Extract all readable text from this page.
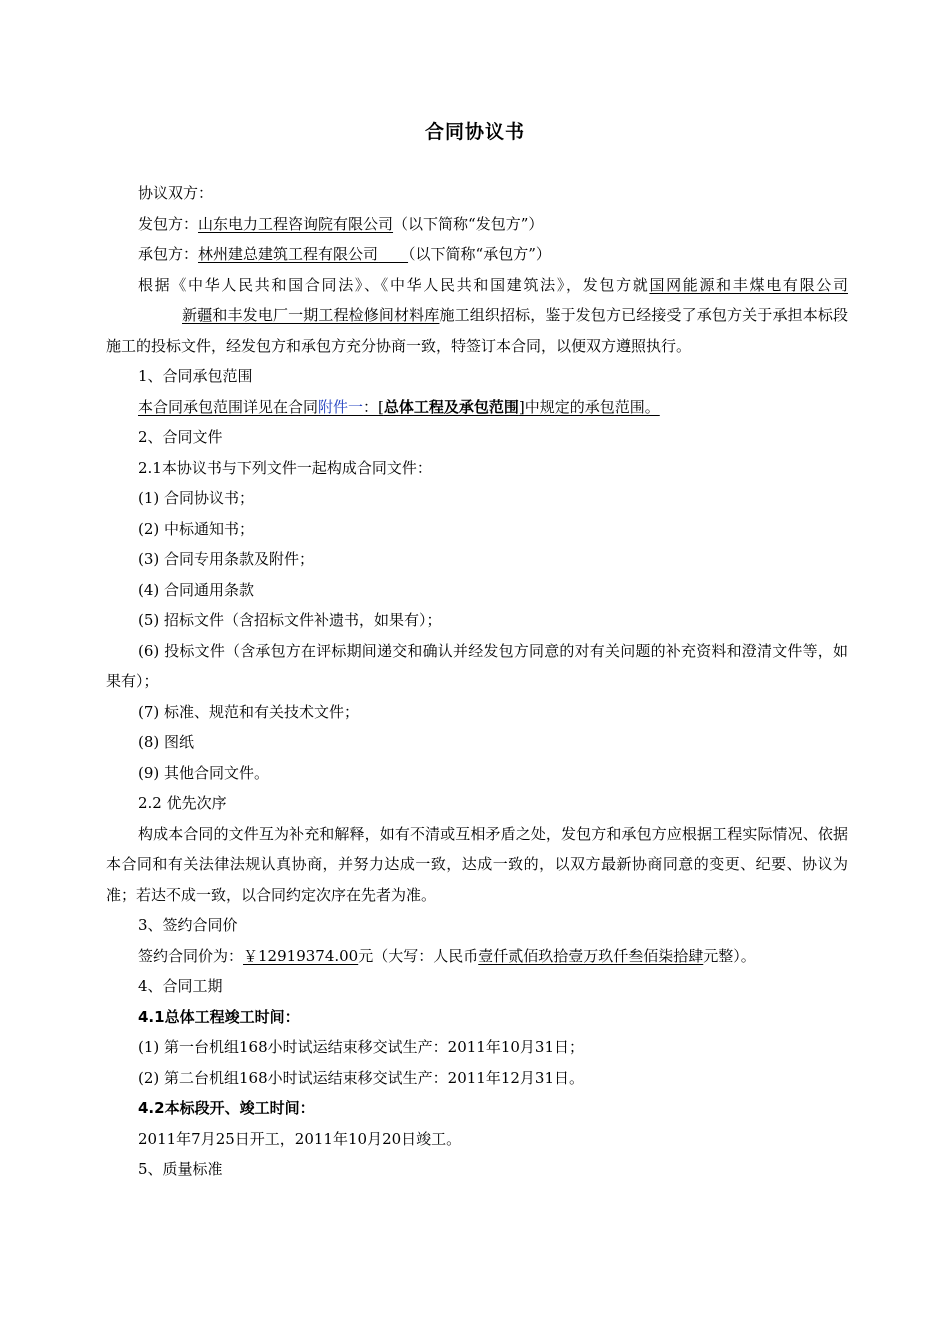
合同协议书

协议双方：

发包方：山东电力工程咨询院有限公司（以下简称“发包方”）

承包方：林州建总建筑工程有限公司　　 （以下简称“承包方”）

根据《中华人民共和国合同法》、《中华人民共和国建筑法》，发包方就国网能源和丰煤电有限公司新疆和丰发电厂一期工程检修间材料库施工组织招标，鉴于发包方已经接受了承包方关于承担本标段施工的投标文件，经发包方和承包方充分协商一致，特签订本合同，以便双方遵照执行。

1、合同承包范围

本合同承包范围详见在合同附件一：[总体工程及承包范围]中规定的承包范围。

2、合同文件

2.1本协议书与下列文件一起构成合同文件：

(1) 合同协议书；

(2) 中标通知书；

(3) 合同专用条款及附件；

(4) 合同通用条款

(5) 招标文件（含招标文件补遗书，如果有）；

(6) 投标文件（含承包方在评标期间递交和确认并经发包方同意的对有关问题的补充资料和澄清文件等，如果有）；

(7) 标准、规范和有关技术文件；

(8) 图纸

(9) 其他合同文件。

2.2 优先次序

构成本合同的文件互为补充和解释，如有不清或互相矛盾之处，发包方和承包方应根据工程实际情况、依据本合同和有关法律法规认真协商，并努力达成一致，达成一致的，以双方最新协商同意的变更、纪要、协议为准；若达不成一致，以合同约定次序在先者为准。

3、签约合同价

签约合同价为：￥12919374.00元（大写：人民币壹仟贰佰玖拾壹万玖仟叁佰柒拾肆元整）。

4、合同工期

4.1总体工程竣工时间：

(1) 第一台机组168小时试运结束移交试生产：2011年10月31日；

(2) 第二台机组168小时试运结束移交试生产：2011年12月31日。

4.2本标段开、竣工时间：

2011年7月25日开工，2011年10月20日竣工。

5、质量标准
